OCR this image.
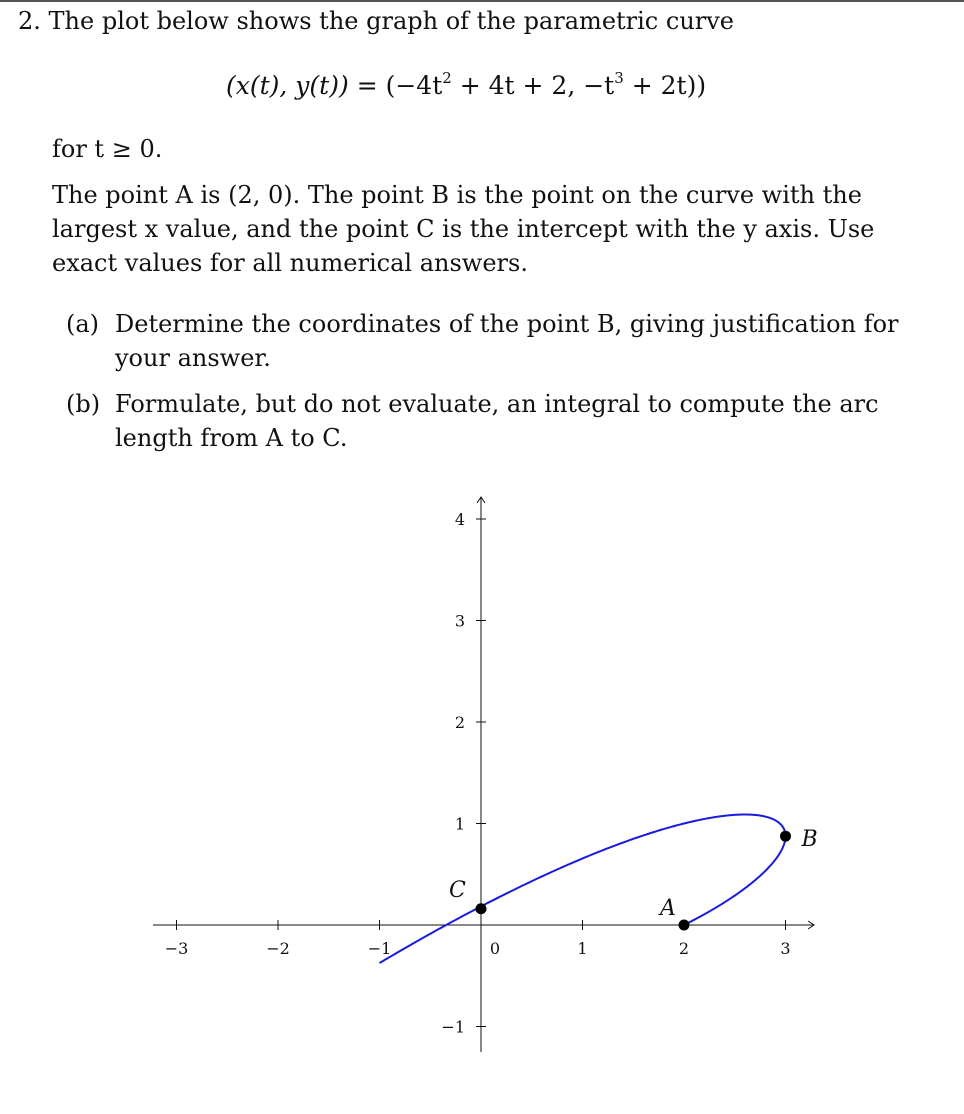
2. The plot below shows the graph of the parametric curve
(x(t), $y(t)) = (-4t^2 + 4t + 2$, $-t^3 + 2t$))
for t ≥ 0.
The point A is (2, 0). The point B is the point on the curve with the
largest x value, and the point C is the intercept with the y axis. Use
exact values for all numerical answers.
(a) Determine the coordinates of the point B, giving justification for
your answer.
(b) Formulate, but do not evaluate, an integral to compute the arc
length from A to C.
−3	−2	−1	0	1	2	3
−1
1
2
3
4
A
B
C
